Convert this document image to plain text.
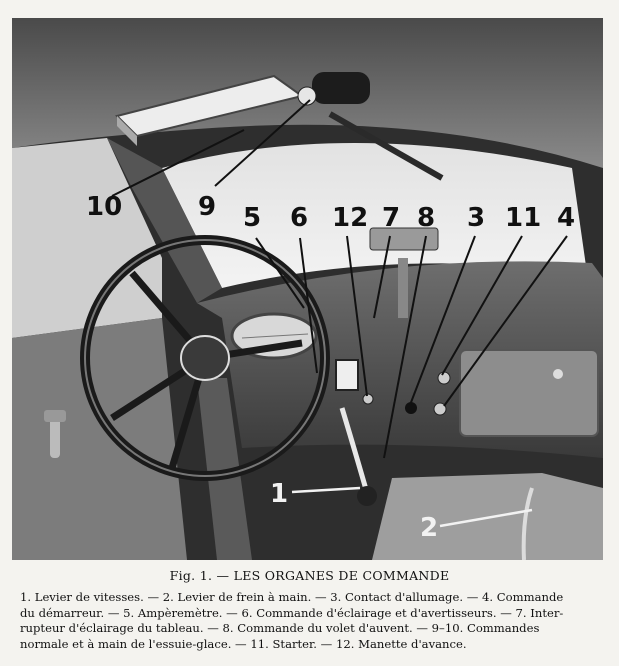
10	9 5 6 12 7 8 3 11 4
1
2
Fig. 1. — LES ORGANES DE COMMANDE
1. Levier de vitesses. — 2. Levier de frein à main. — 3. Contact d'allumage. — 4. Commande
du démarreur. — 5. Ampèremètre. — 6. Commande d'éclairage et d'avertisseurs. — 7. Inter-
rupteur d'éclairage du tableau. — 8. Commande du volet d'auvent. — 9–10. Commandes
normale et à main de l'essuie-glace. — 11. Starter. — 12. Manette d'avance.
